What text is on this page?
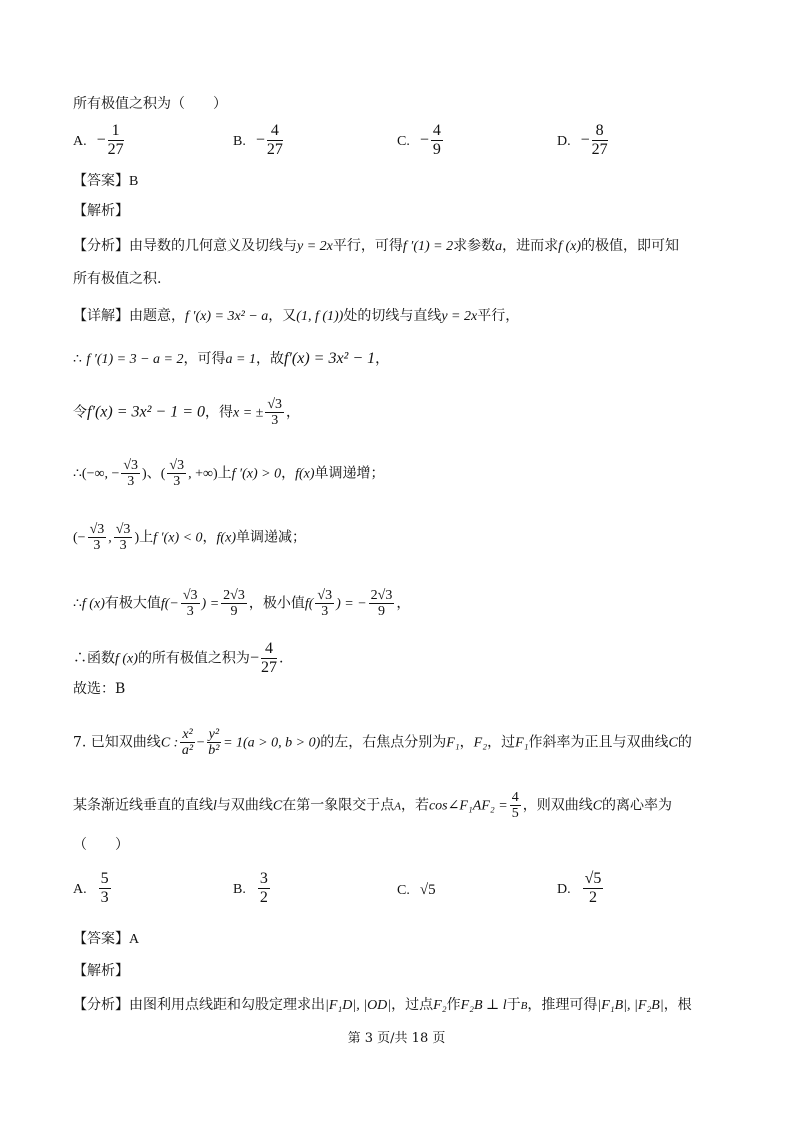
所有极值之积为（　　）
A. − $\frac{1}{27}$	B. − $\frac{4}{27}$	C. − $\frac{4}{9}$	D. − $\frac{8}{27}$
【答案】B
【解析】
【分析】由导数的几何意义及切线与y = 2x平行，可得f ′(1) = 2求参数a，进而求f (x)的极值，即可知
所有极值之积.
【详解】由题意，f ′(x) = 3x² − a，又(1, f (1))处的切线与直线y = 2x平行，
∴ f ′(1) = 3 − a = 2，可得a = 1，故f′(x) = 3x² − 1，
令f′(x) = 3x² − 1 = 0，得x = ± $\frac{√3}{3}$ ，
∴(−∞, − $\frac{√3}{3}$ )、( $\frac{√3}{3}$ , +∞)上f ′(x) > 0，f(x)单调递增；
(− $\frac{√3}{3}$ , $\frac{√3}{3}$ )上f ′(x) < 0，f(x)单调递减；
∴f (x)有极大值$f(- \frac{√3}{3}$ ) = $\frac{2√3}{9}$ ，极小值$f( \frac{√3}{3}$ ) = − $\frac{2√3}{9}$ ，
∴函数f (x)的所有极值之积为− $\frac{4}{27}$ .
故选：B
7. 已知双曲线C : $\frac{\text{x²}}{\text{a²}} - \frac{\text{y²}}{\text{b²}} = 1(a > 0$, b > 0)的左，右焦点分别为F₁，F₂，过F₁作斜率为正且与双曲线C的
某条渐近线垂直的直线l与双曲线C在第一象限交于点A，若cos∠F₁AF₂ = $\frac{4}{5}$ ，则双曲线C的离心率为
（　　）
A. $\frac{5}{3}$	B. $\frac{3}{2}$	C. √5	D. $\frac{√5}{2}$
【答案】A
【解析】
【分析】由图利用点线距和勾股定理求出|F₁D|, |OD|，过点F₂作F₂B ⊥ l于B，推理可得|F₁B|, |F₂B|，根
第 3 页/共 18 页
